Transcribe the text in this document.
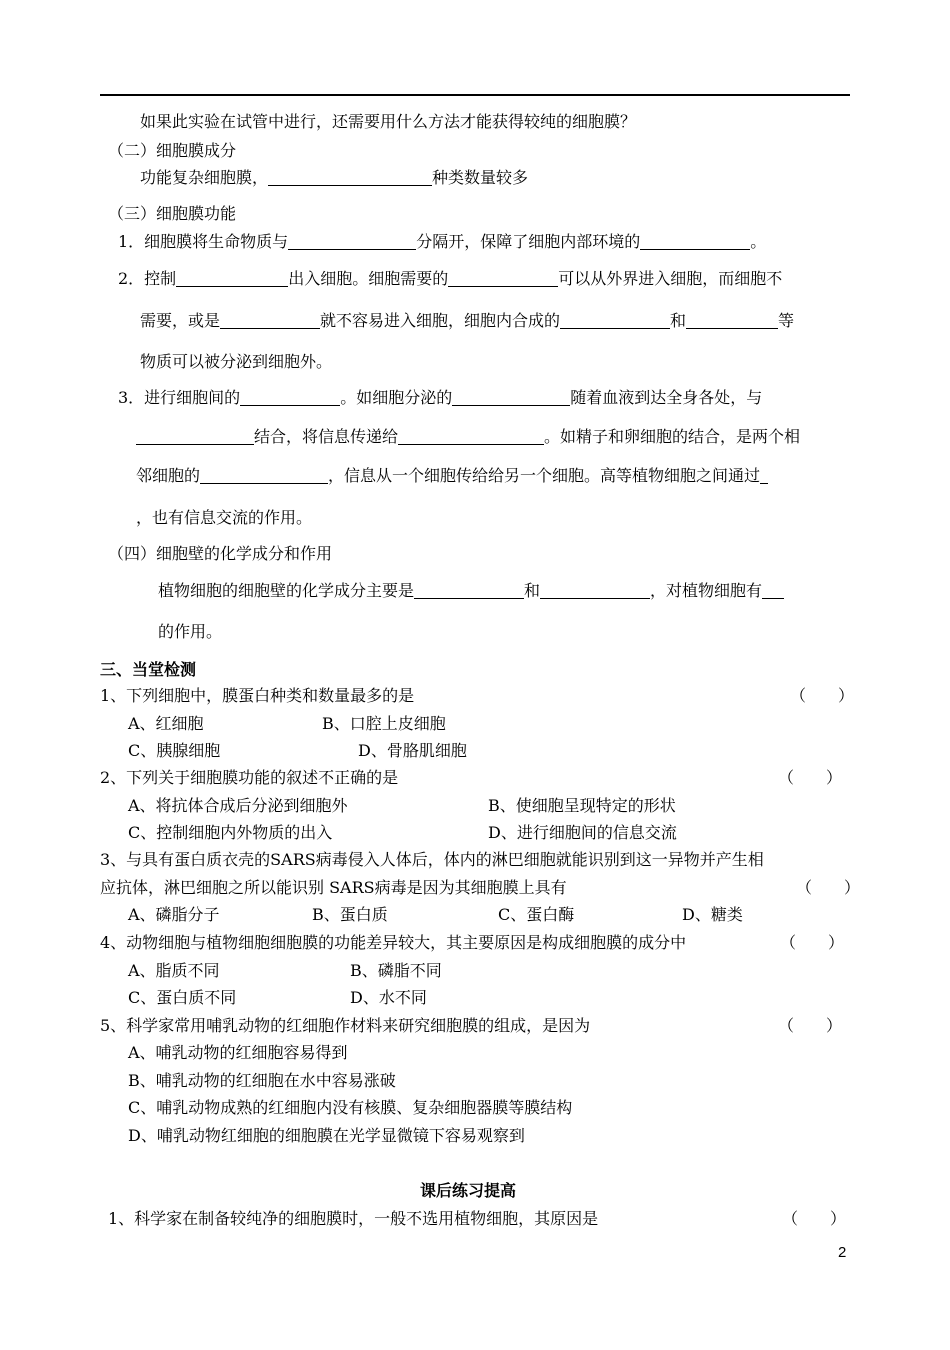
如果此实验在试管中进行，还需要用什么方法才能获得较纯的细胞膜？
（二）细胞膜成分
功能复杂细胞膜，	种类数量较多
（三）细胞膜功能
1．细胞膜将生命物质与	分隔开，保障了细胞内部环境的	。
2．控制	出入细胞。细胞需要的	可以从外界进入细胞，而细胞不
需要，或是	就不容易进入细胞，细胞内合成的	和	等
物质可以被分泌到细胞外。
3．进行细胞间的	。如细胞分泌的	随着血液到达全身各处，与
结合，将信息传递给	。如精子和卵细胞的结合，是两个相
邻细胞的	，信息从一个细胞传给给另一个细胞。高等植物细胞之间通过
，也有信息交流的作用。
（四）细胞壁的化学成分和作用
植物细胞的细胞壁的化学成分主要是	和	，对植物细胞有
的作用。
三、当堂检测
1、下列细胞中，膜蛋白种类和数量最多的是	（　　）
A、红细胞	B、口腔上皮细胞
C、胰腺细胞	D、骨胳肌细胞
2、下列关于细胞膜功能的叙述不正确的是	（　　）
A、将抗体合成后分泌到细胞外	B、使细胞呈现特定的形状
C、控制细胞内外物质的出入	D、进行细胞间的信息交流
3、与具有蛋白质衣壳的SARS病毒侵入人体后，体内的淋巴细胞就能识别到这一异物并产生相
应抗体，淋巴细胞之所以能识别 SARS病毒是因为其细胞膜上具有	（　　）
A、磷脂分子	B、蛋白质	C、蛋白酶	D、糖类
4、动物细胞与植物细胞细胞膜的功能差异较大，其主要原因是构成细胞膜的成分中	（　　）
A、脂质不同	B、磷脂不同
C、蛋白质不同	D、水不同
5、科学家常用哺乳动物的红细胞作材料来研究细胞膜的组成，是因为	（　　）
A、哺乳动物的红细胞容易得到
B、哺乳动物的红细胞在水中容易涨破
C、哺乳动物成熟的红细胞内没有核膜、复杂细胞器膜等膜结构
D、哺乳动物红细胞的细胞膜在光学显微镜下容易观察到
课后练习提高
1、科学家在制备较纯净的细胞膜时，一般不选用植物细胞，其原因是	（　　）
2
